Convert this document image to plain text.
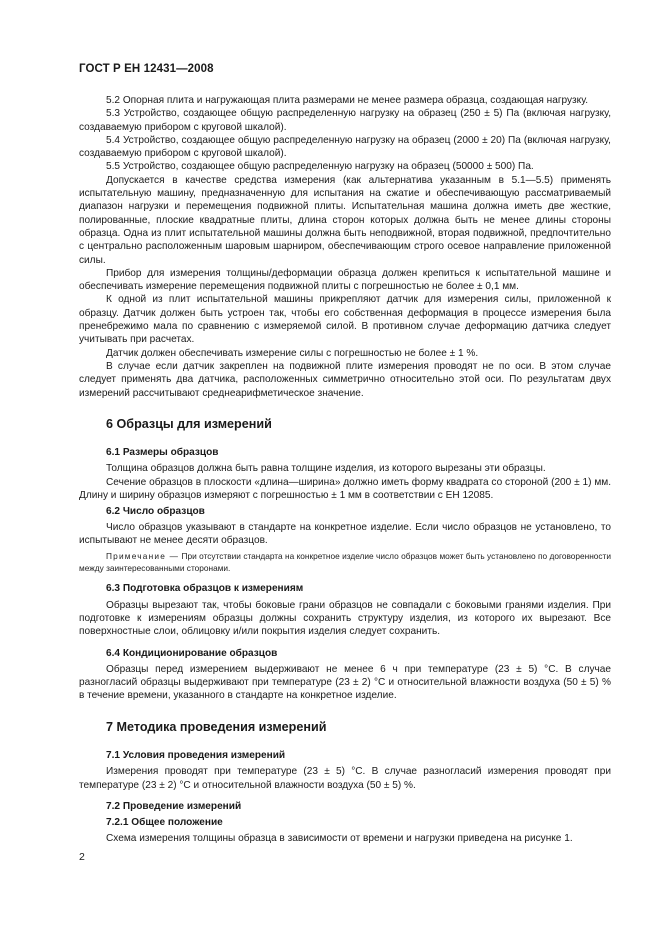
ГОСТ Р ЕН 12431—2008

5.2 Опорная плита и нагружающая плита размерами не менее размера образца, создающая нагрузку.

5.3 Устройство, создающее общую распределенную нагрузку на образец (250 ± 5) Па (включая нагрузку, создаваемую прибором с круговой шкалой).

5.4 Устройство, создающее общую распределенную нагрузку на образец (2000 ± 20) Па (включая нагрузку, создаваемую прибором с круговой шкалой).

5.5 Устройство, создающее общую распределенную нагрузку на образец (50000 ± 500) Па.

Допускается в качестве средства измерения (как альтернатива указанным в 5.1—5.5) применять испытательную машину, предназначенную для испытания на сжатие и обеспечивающую рассматриваемый диапазон нагрузки и перемещения подвижной плиты. Испытательная машина должна иметь две жесткие, полированные, плоские квадратные плиты, длина сторон которых должна быть не менее длины стороны образца. Одна из плит испытательной машины должна быть неподвижной, вторая подвижной, предпочтительно с центрально расположенным шаровым шарниром, обеспечивающим строго осевое направление приложенной силы.

Прибор для измерения толщины/деформации образца должен крепиться к испытательной машине и обеспечивать измерение перемещения подвижной плиты с погрешностью не более ± 0,1 мм.

К одной из плит испытательной машины прикрепляют датчик для измерения силы, приложенной к образцу. Датчик должен быть устроен так, чтобы его собственная деформация в процессе измерения была пренебрежимо мала по сравнению с измеряемой силой. В противном случае деформацию датчика следует учитывать при расчетах.

Датчик должен обеспечивать измерение силы с погрешностью не более ± 1 %.

В случае если датчик закреплен на подвижной плите измерения проводят не по оси. В этом случае следует применять два датчика, расположенных симметрично относительно этой оси. По результатам двух измерений рассчитывают среднеарифметическое значение.

6 Образцы для измерений
6.1 Размеры образцов

Толщина образцов должна быть равна толщине изделия, из которого вырезаны эти образцы.

Сечение образцов в плоскости «длина—ширина» должно иметь форму квадрата со стороной (200 ± 1) мм. Длину и ширину образцов измеряют с погрешностью ± 1 мм в соответствии с ЕН 12085.

6.2 Число образцов

Число образцов указывают в стандарте на конкретное изделие. Если число образцов не установлено, то испытывают не менее десяти образцов.

Примечание — При отсутствии стандарта на конкретное изделие число образцов может быть установлено по договоренности между заинтересованными сторонами.

6.3 Подготовка образцов к измерениям

Образцы вырезают так, чтобы боковые грани образцов не совпадали с боковыми гранями изделия. При подготовке к измерениям образцы должны сохранить структуру изделия, из которого их вырезают. Все поверхностные слои, облицовку и/или покрытия изделия следует сохранить.

6.4 Кондиционирование образцов

Образцы перед измерением выдерживают не менее 6 ч при температуре (23 ± 5) °С. В случае разногласий образцы выдерживают при температуре (23 ± 2) °С и относительной влажности воздуха (50 ± 5) % в течение времени, указанного в стандарте на конкретное изделие.

7 Методика проведения измерений
7.1 Условия проведения измерений

Измерения проводят при температуре (23 ± 5) °С. В случае разногласий измерения проводят при температуре (23 ± 2) °С и относительной влажности воздуха (50 ± 5) %.

7.2 Проведение измерений
7.2.1 Общее положение

Схема измерения толщины образца в зависимости от времени и нагрузки приведена на рисунке 1.

2
